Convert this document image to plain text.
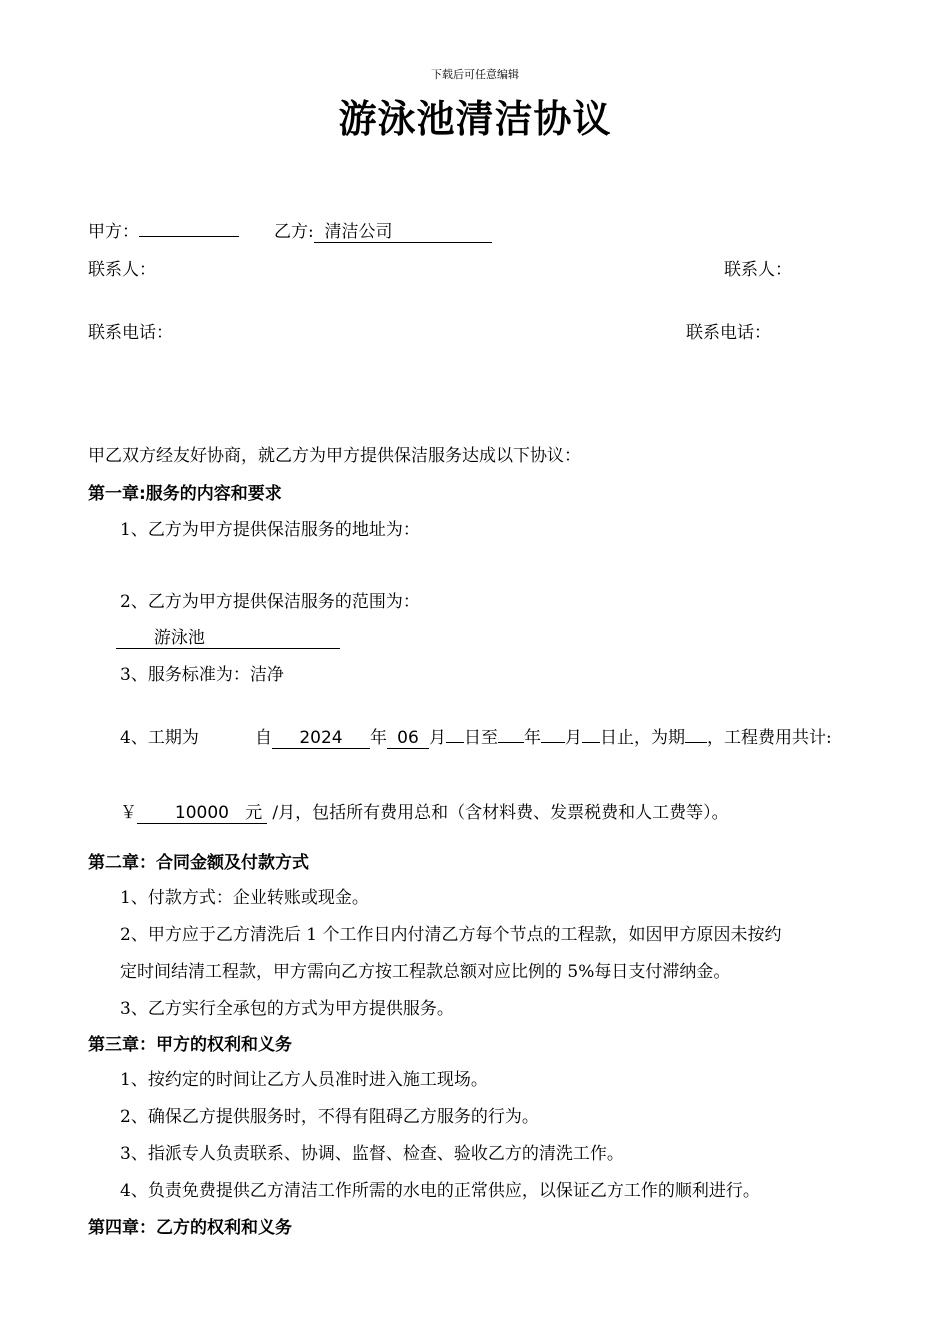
下载后可任意编辑
游泳池清洁协议
甲方：	乙方: 清洁公司
联系人：	联系人：
联系电话：	联系电话：
甲乙双方经友好协商，就乙方为甲方提供保洁服务达成以下协议：
第一章:服务的内容和要求
1、乙方为甲方提供保洁服务的地址为：
2、乙方为甲方提供保洁服务的范围为：
游泳池
3、服务标准为：洁净
4、工期为	自 2024 年 06 月 日至 年 月 日止，为期 ，工程费用共计:
￥ 10000 元 /月，包括所有费用总和（含材料费、发票税费和人工费等）。
第二章：合同金额及付款方式
1、付款方式：企业转账或现金。
2、甲方应于乙方清洗后 1 个工作日内付清乙方每个节点的工程款，如因甲方原因未按约
定时间结清工程款，甲方需向乙方按工程款总额对应比例的 5%每日支付滞纳金。
3、乙方实行全承包的方式为甲方提供服务。
第三章：甲方的权利和义务
1、按约定的时间让乙方人员准时进入施工现场。
2、确保乙方提供服务时，不得有阻碍乙方服务的行为。
3、指派专人负责联系、协调、监督、检查、验收乙方的清洗工作。
4、负责免费提供乙方清洁工作所需的水电的正常供应，以保证乙方工作的顺利进行。
第四章：乙方的权利和义务
